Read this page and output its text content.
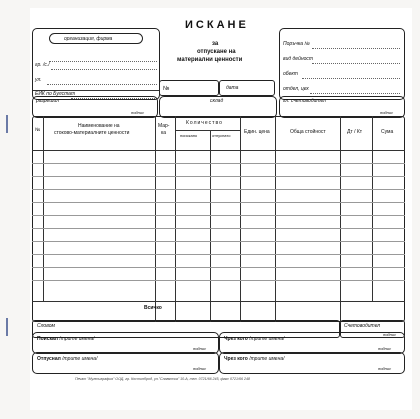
ИСКАНЕ
за
отпускане на
материални ценности
организация, фирма
гр. /с./
ул.
ЕИК по Булстат
№	дата
Поръчка №
вид дейност
обект
отдел, цех
разрешил
подпис
склад	гл. счетоводител
подпис
№
Наименование на
стоково-материалните ценности
Мар-
ка
Количество
поискано	отпуснато
Един. цена	Обща стойност	Дт / Кт	Сума
Всичко
Словом	Счетоводител
подпис
Поискал /трите имена/
подпис
Чрез кого /трите имена/
подпис
Отпуснал /трите имена/
подпис
Чрез кого /трите имена/
подпис
Печат "Мултиграфия" ООД, гр. Костинброд, ул."Славянска" 10-А, тел. 0721/66 245, факс 0721/66 248
